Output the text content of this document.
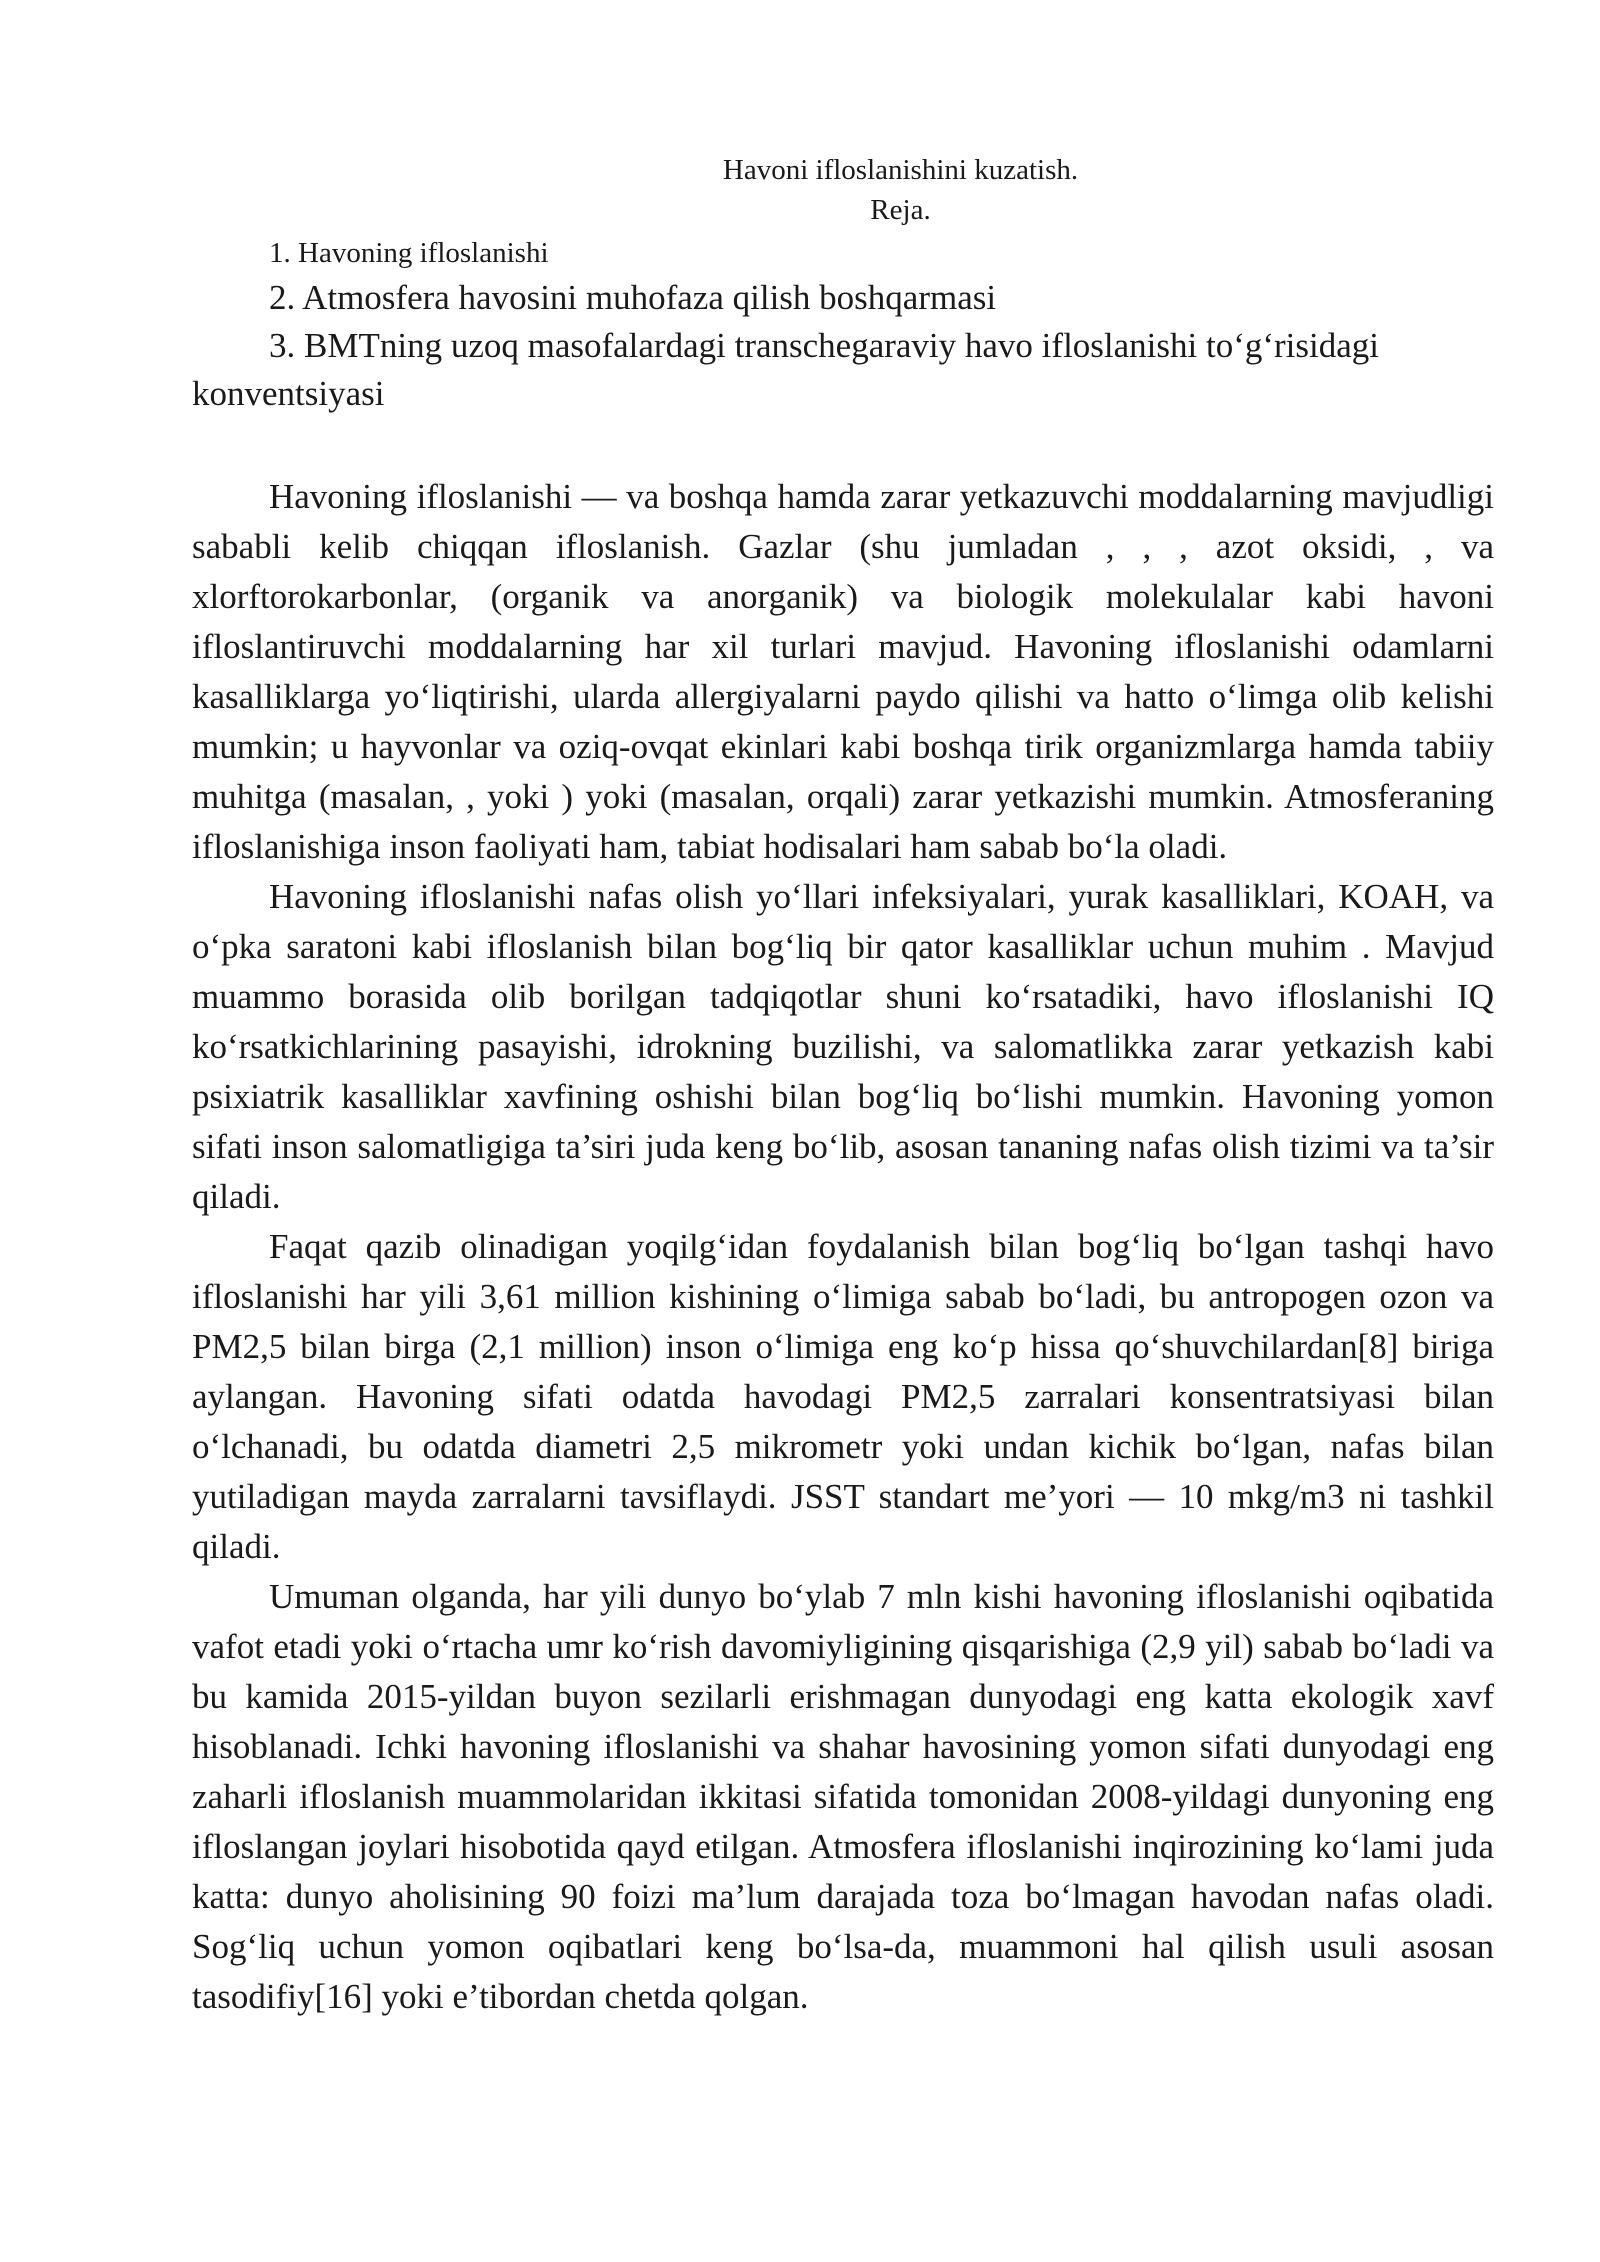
Havoni ifloslanishini kuzatish.

Reja.

1. Havoning ifloslanishi

2. Atmosfera havosini muhofaza qilish boshqarmasi

3. BMTning uzoq masofalardagi transchegaraviy havo ifloslanishi to‘g‘risidagi konventsiyasi

Havoning ifloslanishi — va boshqa hamda zarar yetkazuvchi moddalarning mavjudligi sababli kelib chiqqan ifloslanish. Gazlar (shu jumladan , , , azot oksidi, , va xlorftorokarbonlar, (organik va anorganik) va biologik molekulalar kabi havoni ifloslantiruvchi moddalarning har xil turlari mavjud. Havoning ifloslanishi odamlarni kasalliklarga yo‘liqtirishi, ularda allergiyalarni paydo qilishi va hatto o‘limga olib kelishi mumkin; u hayvonlar va oziq-ovqat ekinlari kabi boshqa tirik organizmlarga hamda tabiiy muhitga (masalan, , yoki ) yoki (masalan, orqali) zarar yetkazishi mumkin. Atmosferaning ifloslanishiga inson faoliyati ham, tabiat hodisalari ham sabab bo‘la oladi.

Havoning ifloslanishi nafas olish yo‘llari infeksiyalari, yurak kasalliklari, KOAH, va o‘pka saratoni kabi ifloslanish bilan bog‘liq bir qator kasalliklar uchun muhim . Mavjud muammo borasida olib borilgan tadqiqotlar shuni ko‘rsatadiki, havo ifloslanishi IQ ko‘rsatkichlarining pasayishi, idrokning buzilishi, va salomatlikka zarar yetkazish kabi psixiatrik kasalliklar xavfining oshishi bilan bog‘liq bo‘lishi mumkin. Havoning yomon sifati inson salomatligiga ta’siri juda keng bo‘lib, asosan tananing nafas olish tizimi va ta’sir qiladi.

Faqat qazib olinadigan yoqilg‘idan foydalanish bilan bog‘liq bo‘lgan tashqi havo ifloslanishi har yili 3,61 million kishining o‘limiga sabab bo‘ladi, bu antropogen ozon va PM2,5 bilan birga (2,1 million) inson o‘limiga eng ko‘p hissa qo‘shuvchilardan[8] biriga aylangan. Havoning sifati odatda havodagi PM2,5 zarralari konsentratsiyasi bilan o‘lchanadi, bu odatda diametri 2,5 mikrometr yoki undan kichik bo‘lgan, nafas bilan yutiladigan mayda zarralarni tavsiflaydi. JSST standart me’yori — 10 mkg/m3 ni tashkil qiladi.

Umuman olganda, har yili dunyo bo‘ylab 7 mln kishi havoning ifloslanishi oqibatida vafot etadi yoki o‘rtacha umr ko‘rish davomiyligining qisqarishiga (2,9 yil) sabab bo‘ladi va bu kamida 2015-yildan buyon sezilarli erishmagan dunyodagi eng katta ekologik xavf hisoblanadi. Ichki havoning ifloslanishi va shahar havosining yomon sifati dunyodagi eng zaharli ifloslanish muammolaridan ikkitasi sifatida tomonidan 2008-yildagi dunyoning eng ifloslangan joylari hisobotida qayd etilgan. Atmosfera ifloslanishi inqirozining ko‘lami juda katta: dunyo aholisining 90 foizi ma’lum darajada toza bo‘lmagan havodan nafas oladi. Sog‘liq uchun yomon oqibatlari keng bo‘lsa-da, muammoni hal qilish usuli asosan tasodifiy[16] yoki e’tibordan chetda qolgan.
